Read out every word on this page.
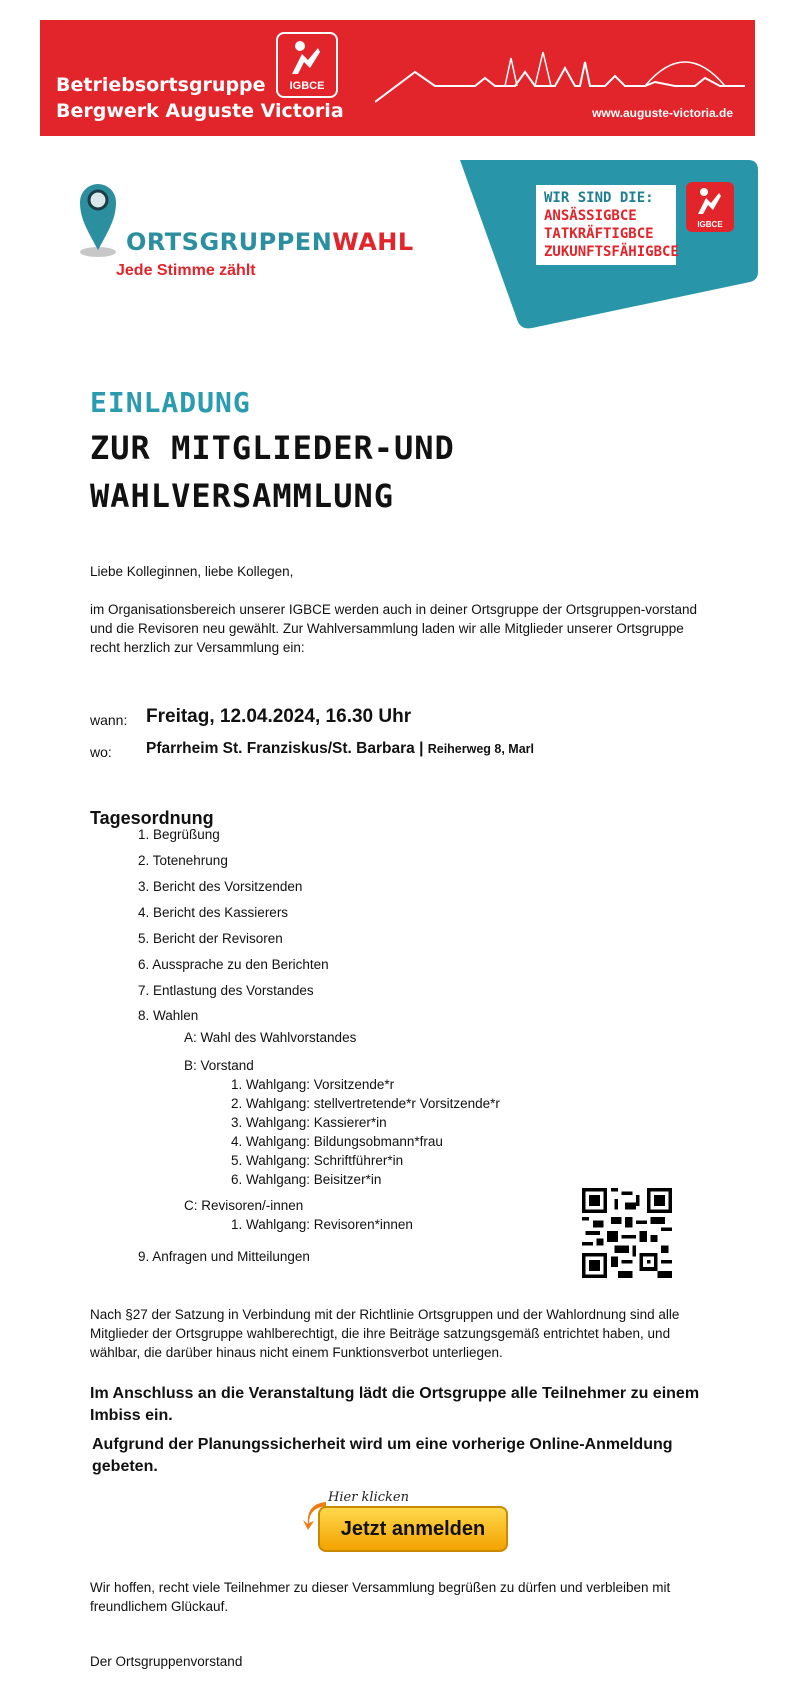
Betriebsortsgruppe
Bergwerk Auguste Victoria
IGBCE
www.auguste-victoria.de
ORTSGRUPPENWAHL
Jede Stimme zählt
WIR SIND DIE:
ANSÄSSIGBCE
TATKRÄFTIGBCE
ZUKUNFTSFÄHIGBCE
IGBCE
EINLADUNG
ZUR MITGLIEDER-UND
WAHLVERSAMMLUNG
Liebe Kolleginnen, liebe Kollegen,
im Organisationsbereich unserer IGBCE werden auch in deiner Ortsgruppe der Ortsgruppen-vorstand und die Revisoren neu gewählt. Zur Wahlversammlung laden wir alle Mitglieder unserer Ortsgruppe recht herzlich zur Versammlung ein:
wann: Freitag, 12.04.2024, 16.30 Uhr
wo: Pfarrheim St. Franziskus/St. Barbara | Reiherweg 8, Marl
Tagesordnung
1. Begrüßung
2. Totenehrung
3. Bericht des Vorsitzenden
4. Bericht des Kassierers
5. Bericht der Revisoren
6. Aussprache zu den Berichten
7. Entlastung des Vorstandes
8. Wahlen
A: Wahl des Wahlvorstandes
B: Vorstand
1. Wahlgang: Vorsitzende*r
2. Wahlgang: stellvertretende*r Vorsitzende*r
3. Wahlgang: Kassierer*in
4. Wahlgang: Bildungsobmann*frau
5. Wahlgang: Schriftführer*in
6. Wahlgang: Beisitzer*in
C: Revisoren/-innen
1. Wahlgang: Revisoren*innen
9. Anfragen und Mitteilungen
Nach §27 der Satzung in Verbindung mit der Richtlinie Ortsgruppen und der Wahlordnung sind alle Mitglieder der Ortsgruppe wahlberechtigt, die ihre Beiträge satzungsgemäß entrichtet haben, und wählbar, die darüber hinaus nicht einem Funktionsverbot unterliegen.
Im Anschluss an die Veranstaltung lädt die Ortsgruppe alle Teilnehmer zu einem Imbiss ein.
Aufgrund der Planungssicherheit wird um eine vorherige Online-Anmeldung gebeten.
Hier klicken
Jetzt anmelden
Wir hoffen, recht viele Teilnehmer zu dieser Versammlung begrüßen zu dürfen und verbleiben mit freundlichem Glückauf.
Der Ortsgruppenvorstand
